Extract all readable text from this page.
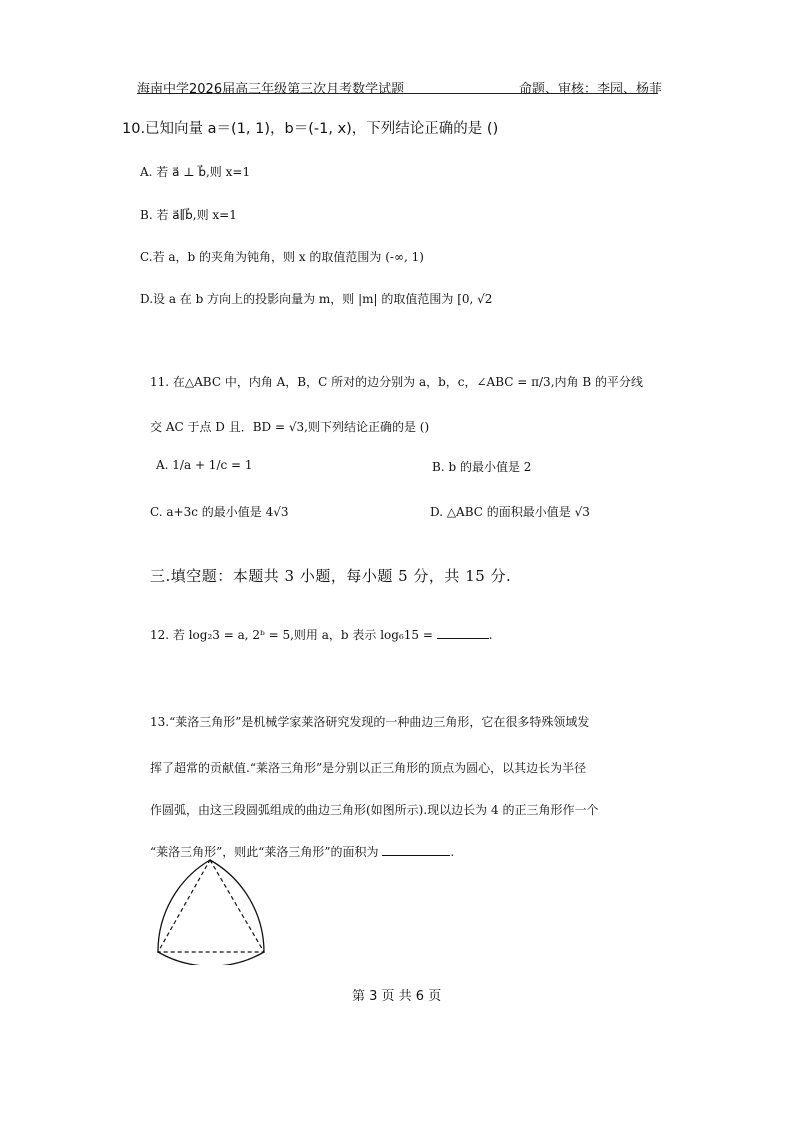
海南中学2026届高三年级第三次月考数学试题	命题、审核：李园、杨菲
10.已知向量 a＝(1, 1)，b＝(-1, x)，下列结论正确的是 ()
A. 若 a⃗ ⊥ b⃗,则 x=1
B. 若 a⃗∥b⃗,则 x=1
C.若 a，b 的夹角为钝角，则 x 的取值范围为 (-∞, 1)
D.设 a 在 b 方向上的投影向量为 m，则 |m| 的取值范围为 [0, √2
11. 在△ABC 中，内角 A，B，C 所对的边分别为 a，b，c，∠ABC = π/3,内角 B 的平分线
交 AC 于点 D 且．BD = √3,则下列结论正确的是 ()
A. 1/a + 1/c = 1	B. b 的最小值是 2
C. a+3c 的最小值是 4√3	D. △ABC 的面积最小值是 √3
三.填空题：本题共 3 小题，每小题 5 分，共 15 分.
12. 若 log₂3 = a, 2ᵇ = 5,则用 a，b 表示 log₆15 =	.
13.“莱洛三角形”是机械学家莱洛研究发现的一种曲边三角形，它在很多特殊领域发
挥了超常的贡献值.“莱洛三角形”是分别以正三角形的顶点为圆心，以其边长为半径
作圆弧，由这三段圆弧组成的曲边三角形(如图所示).现以边长为 4 的正三角形作一个
“莱洛三角形”，则此“莱洛三角形”的面积为	.
第 3 页 共 6 页
